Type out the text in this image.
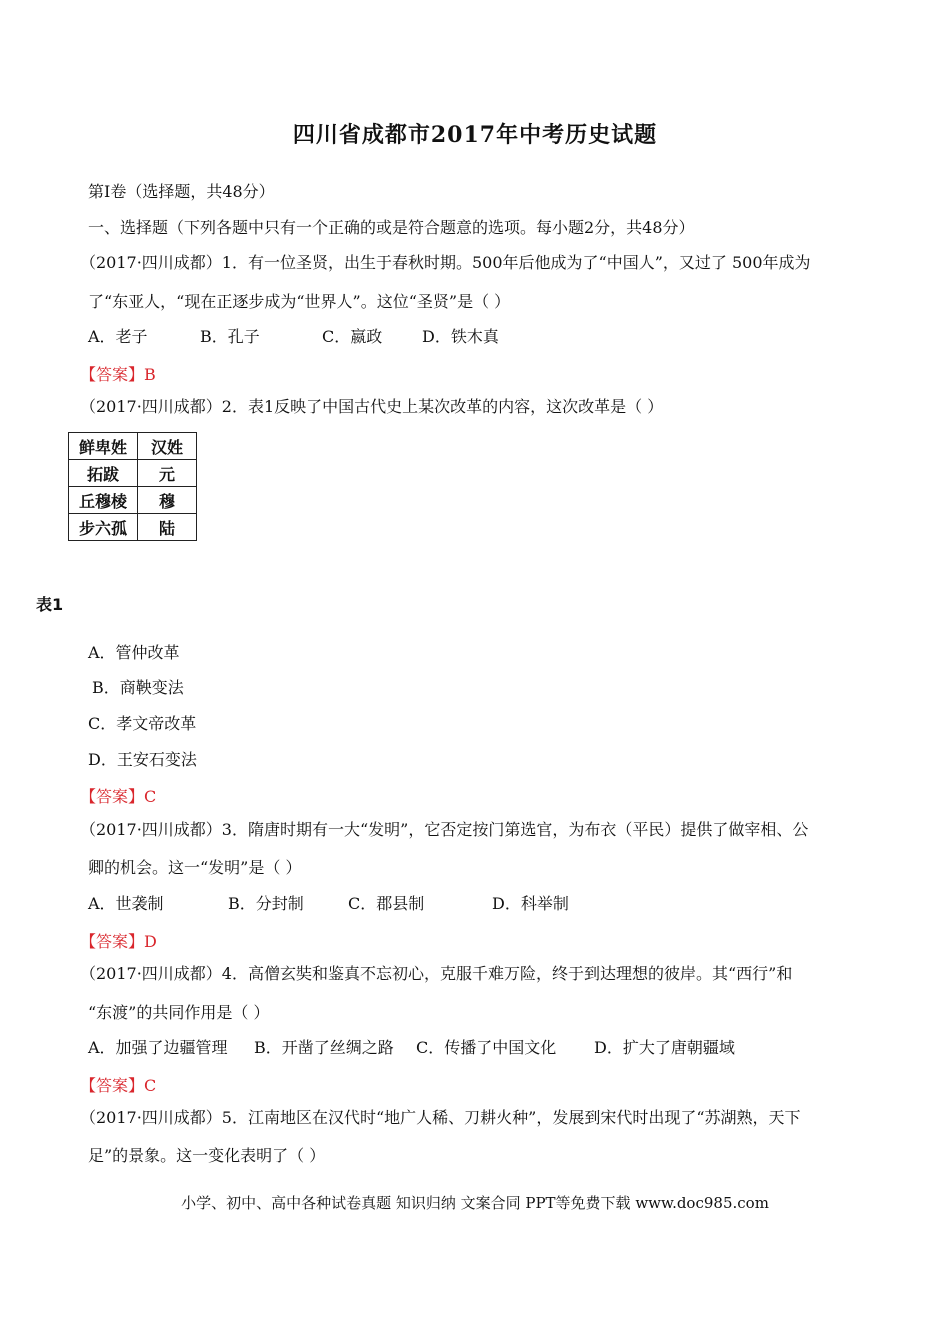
四川省成都市2017年中考历史试题
第I卷（选择题，共48分）
一、选择题（下列各题中只有一个正确的或是符合题意的选项。每小题2分，共48分）
（2017·四川成都）1．有一位圣贤，出生于春秋时期。500年后他成为了“中国人”，又过了 500年成为
了“东亚人，“现在正逐步成为“世界人”。这位“圣贤”是（ ）
A．老子	B．孔子	C．嬴政 D．铁木真
【答案】B
（2017·四川成都）2．表1反映了中国古代史上某次改革的内容，这次改革是（ ）
鲜卑姓	汉姓
拓跋	元
丘穆棱	穆
步六孤	陆
表1
A．管仲改革
B．商鞅变法
C．孝文帝改革
D．王安石变法
【答案】C
（2017·四川成都）3．隋唐时期有一大“发明”，它否定按门第选官，为布衣（平民）提供了做宰相、公
卿的机会。这一“发明”是（ ）
A．世袭制	B．分封制	C．郡县制	D．科举制
【答案】D
（2017·四川成都）4．高僧玄奘和鉴真不忘初心，克服千难万险，终于到达理想的彼岸。其“西行”和
“东渡”的共同作用是（ ）
A．加强了边疆管理 B．开凿了丝绸之路 C．传播了中国文化 D．扩大了唐朝疆域
【答案】C
（2017·四川成都）5．江南地区在汉代时“地广人稀、刀耕火种”，发展到宋代时出现了“苏湖熟，天下
足”的景象。这一变化表明了（ ）
小学、初中、高中各种试卷真题 知识归纳 文案合同 PPT等免费下载 www.doc985.com
